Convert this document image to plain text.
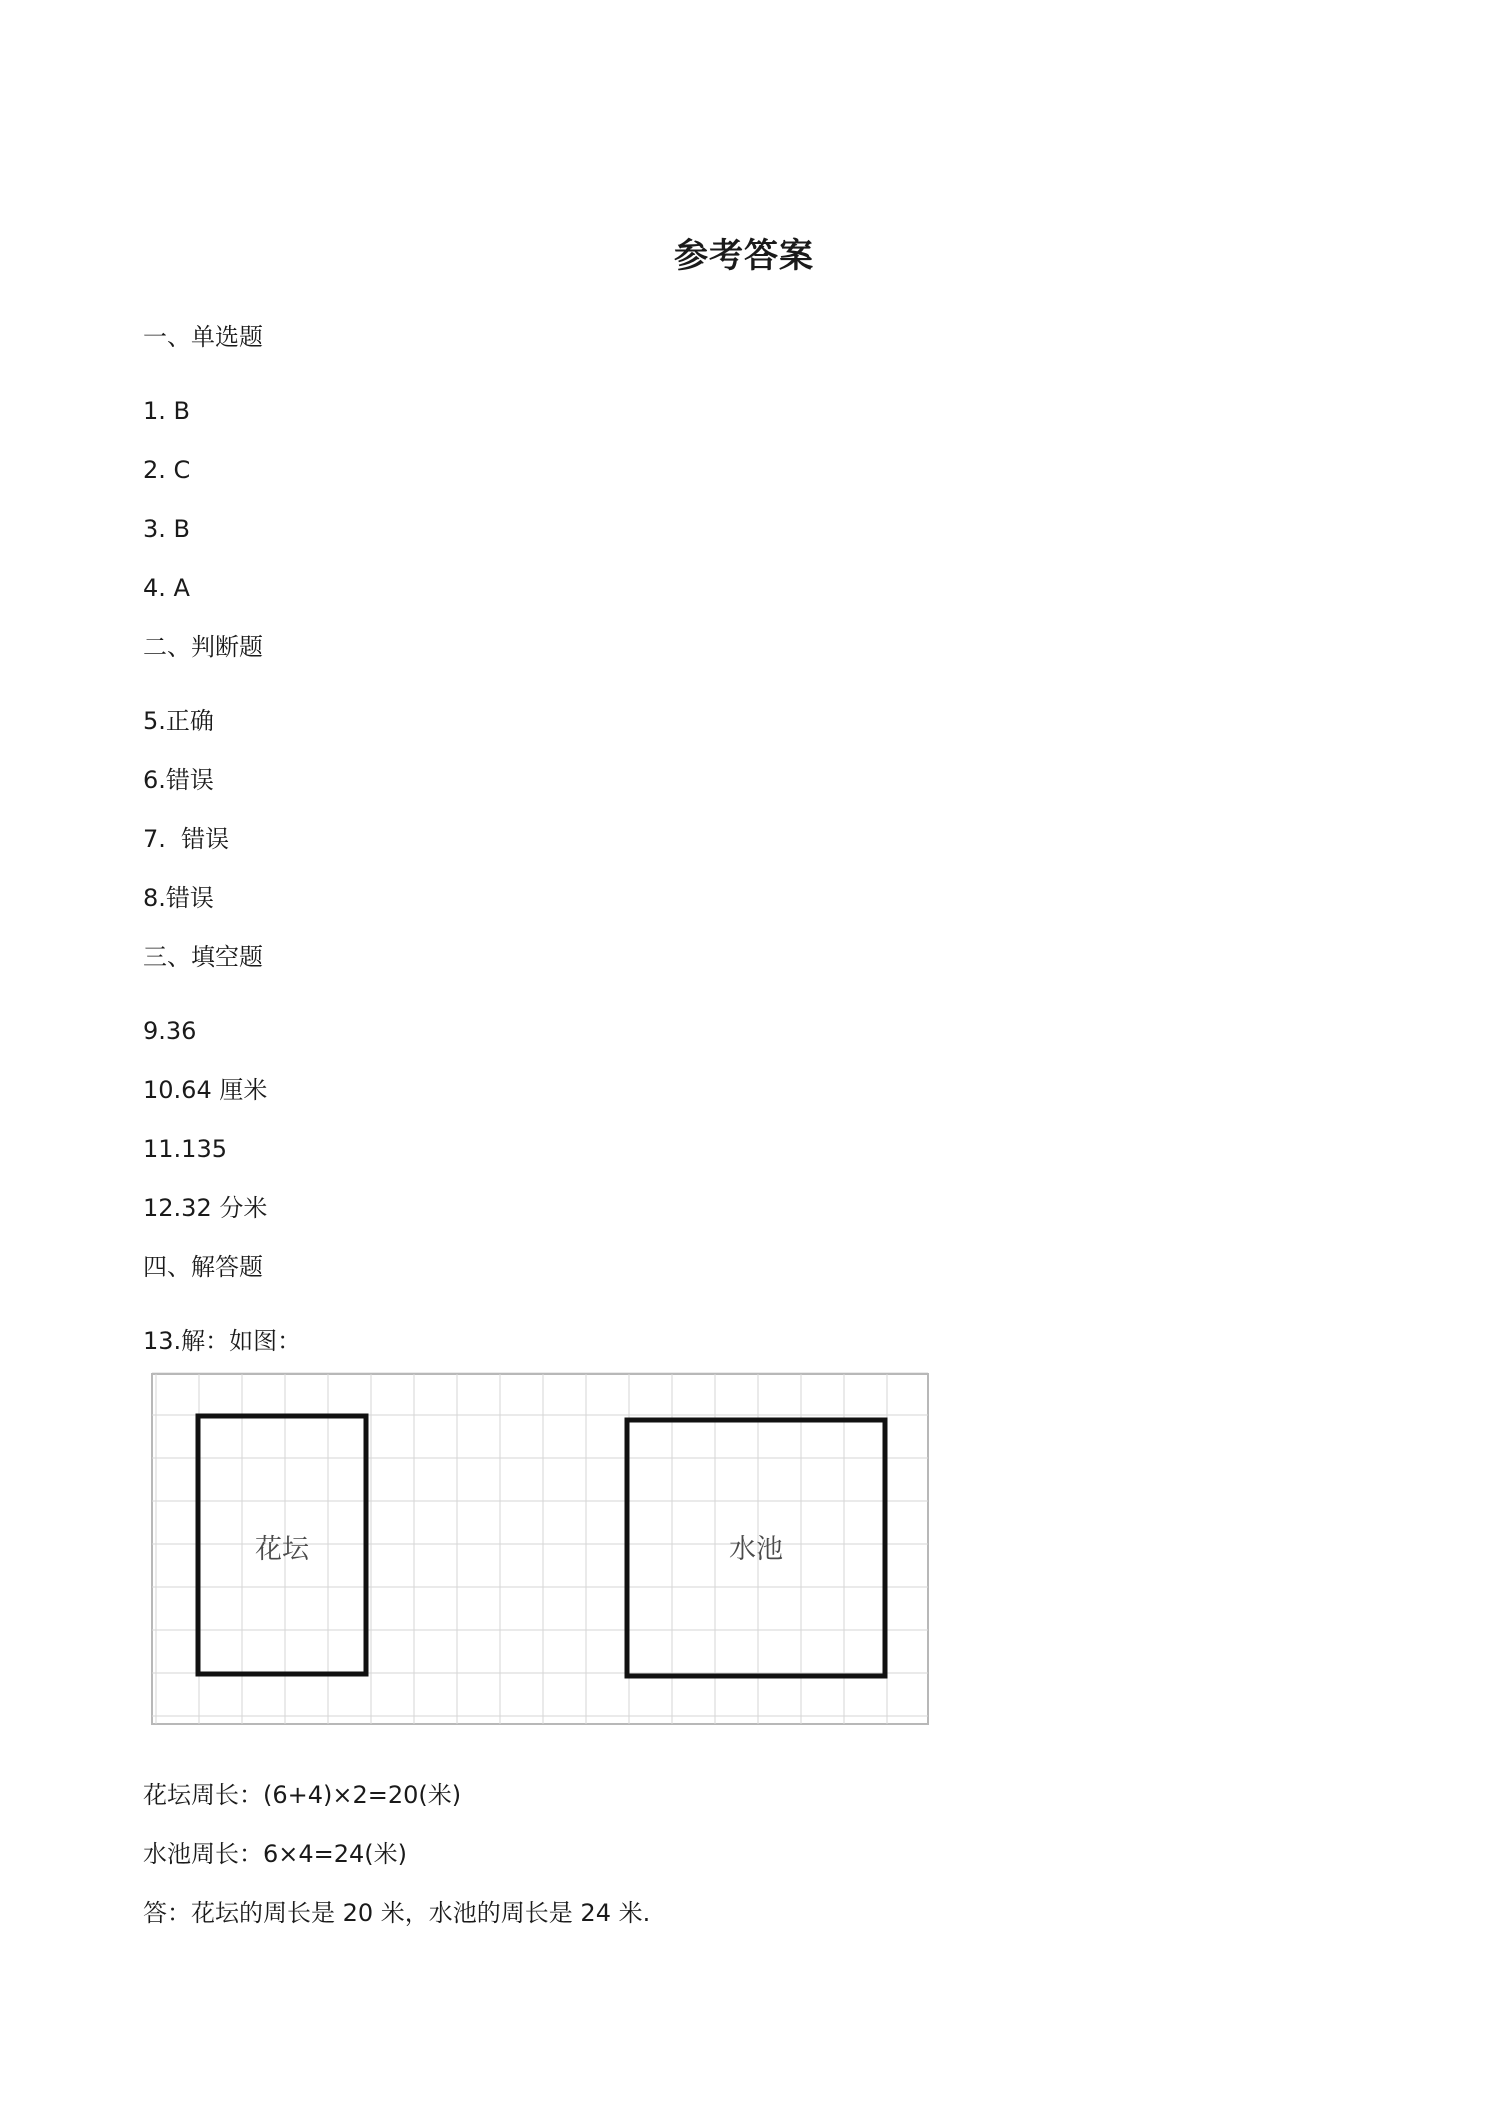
参考答案
一、单选题
1. B
2. C
3. B
4. A
二、判断题
5.正确
6.错误
7.  错误
8.错误
三、填空题
9.36
10.64 厘米
11.135
12.32 分米
四、解答题
13.解：如图：
花坛	水池
花坛周长：(6+4)×2=20(米)
水池周长：6×4=24(米)
答：花坛的周长是 20 米，水池的周长是 24 米.
